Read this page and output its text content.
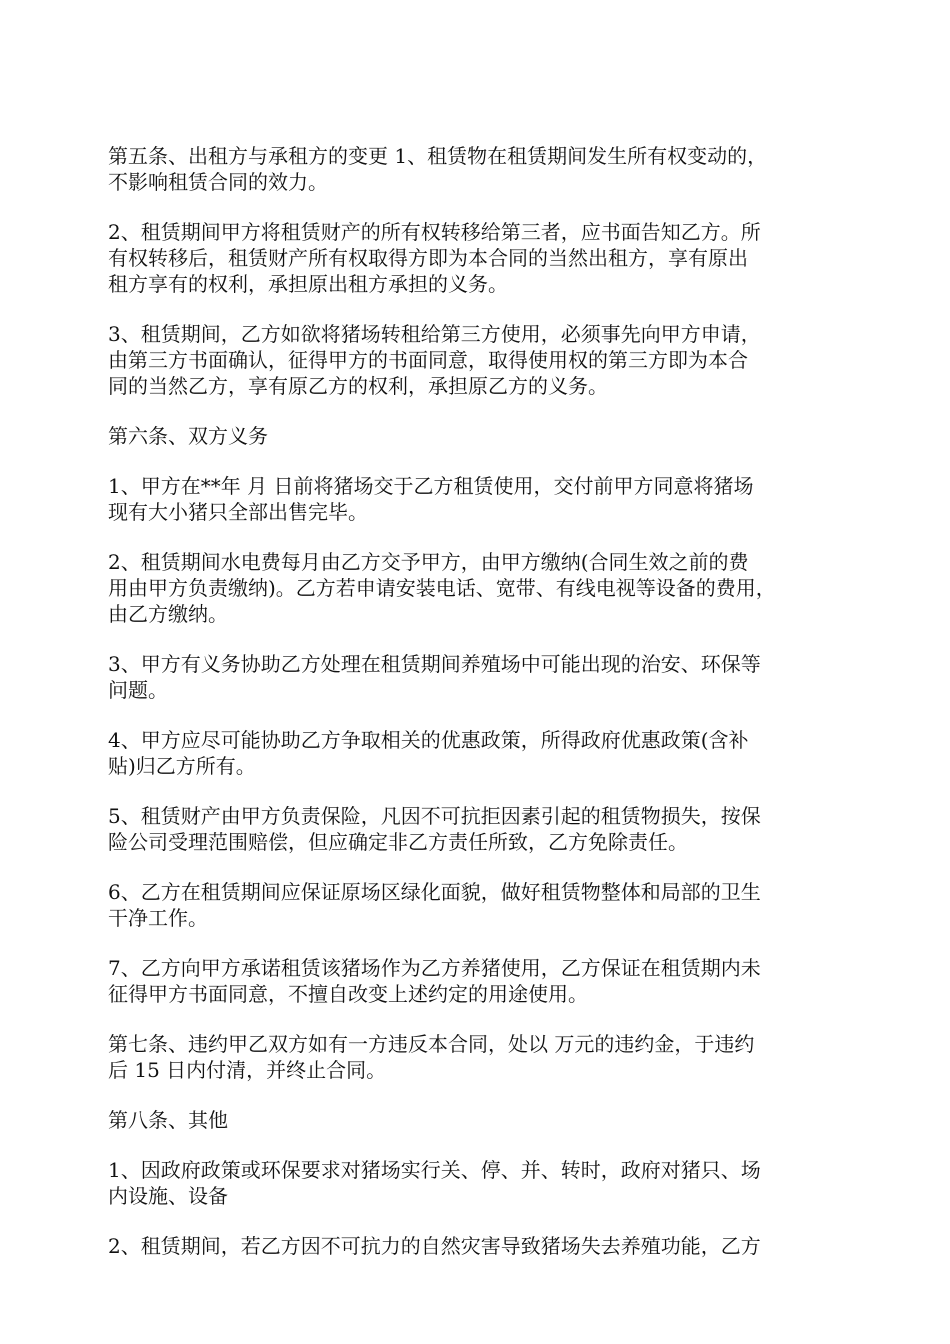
第五条、出租方与承租方的变更 1、租赁物在租赁期间发生所有权变动的，
不影响租赁合同的效力。
2、租赁期间甲方将租赁财产的所有权转移给第三者，应书面告知乙方。所
有权转移后，租赁财产所有权取得方即为本合同的当然出租方，享有原出
租方享有的权利，承担原出租方承担的义务。
3、租赁期间，乙方如欲将猪场转租给第三方使用，必须事先向甲方申请，
由第三方书面确认，征得甲方的书面同意，取得使用权的第三方即为本合
同的当然乙方，享有原乙方的权利，承担原乙方的义务。
第六条、双方义务
1、甲方在**年 月 日前将猪场交于乙方租赁使用，交付前甲方同意将猪场
现有大小猪只全部出售完毕。
2、租赁期间水电费每月由乙方交予甲方，由甲方缴纳(合同生效之前的费
用由甲方负责缴纳)。乙方若申请安装电话、宽带、有线电视等设备的费用，
由乙方缴纳。
3、甲方有义务协助乙方处理在租赁期间养殖场中可能出现的治安、环保等
问题。
4、甲方应尽可能协助乙方争取相关的优惠政策，所得政府优惠政策(含补
贴)归乙方所有。
5、租赁财产由甲方负责保险，凡因不可抗拒因素引起的租赁物损失，按保
险公司受理范围赔偿，但应确定非乙方责任所致，乙方免除责任。
6、乙方在租赁期间应保证原场区绿化面貌，做好租赁物整体和局部的卫生
干净工作。
7、乙方向甲方承诺租赁该猪场作为乙方养猪使用，乙方保证在租赁期内未
征得甲方书面同意，不擅自改变上述约定的用途使用。
第七条、违约甲乙双方如有一方违反本合同，处以 万元的违约金，于违约
后 15 日内付清，并终止合同。
第八条、其他
1、因政府政策或环保要求对猪场实行关、停、并、转时，政府对猪只、场
内设施、设备
2、租赁期间，若乙方因不可抗力的自然灾害导致猪场失去养殖功能，乙方
